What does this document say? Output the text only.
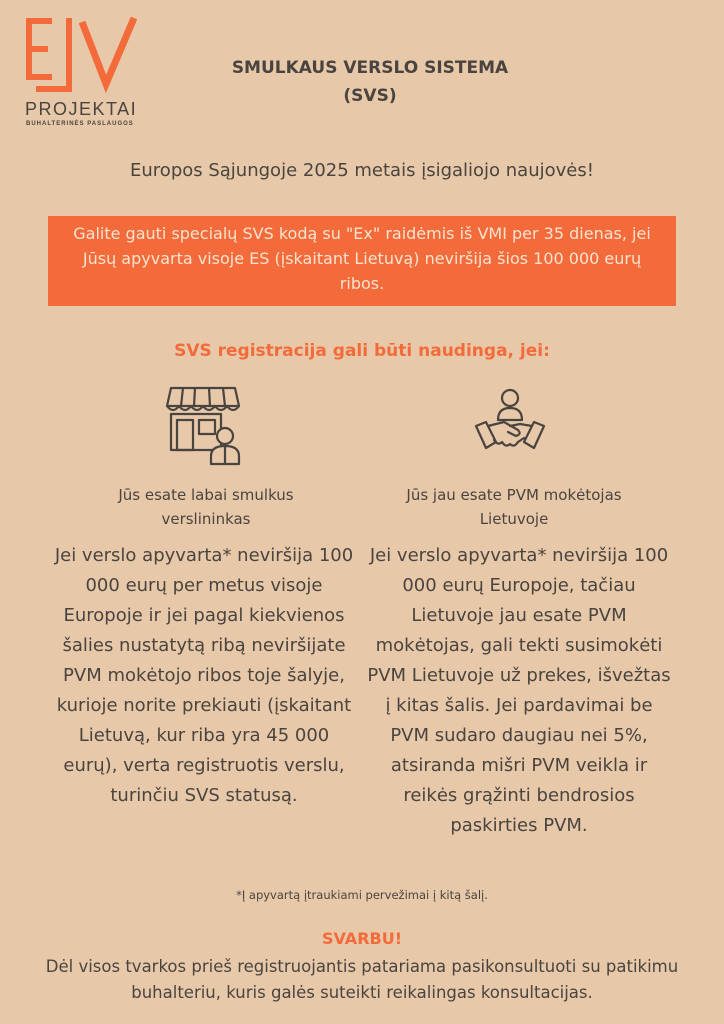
PROJEKTAI
BUHALTERINĖS PASLAUGOS
SMULKAUS VERSLO SISTEMA
(SVS)
Europos Sąjungoje 2025 metais įsigaliojo naujovės!
Galite gauti specialų SVS kodą su "Ex" raidėmis iš VMI per 35 dienas, jei Jūsų apyvarta visoje ES (įskaitant Lietuvą) neviršija šios 100 000 eurų ribos.
SVS registracija gali būti naudinga, jei:
Jūs esate labai smulkus verslininkas
Jūs jau esate PVM mokėtojas Lietuvoje
Jei verslo apyvarta* neviršija 100 000 eurų per metus visoje Europoje ir jei pagal kiekvienos šalies nustatytą ribą neviršijate PVM mokėtojo ribos toje šalyje, kurioje norite prekiauti (įskaitant Lietuvą, kur riba yra 45 000 eurų), verta registruotis verslu, turinčiu SVS statusą.
Jei verslo apyvarta* neviršija 100 000 eurų Europoje, tačiau Lietuvoje jau esate PVM mokėtojas, gali tekti susimokėti PVM Lietuvoje už prekes, išvežtas į kitas šalis. Jei pardavimai be PVM sudaro daugiau nei 5%, atsiranda mišri PVM veikla ir reikės grąžinti bendrosios paskirties PVM.
*Į apyvartą įtraukiami pervežimai į kitą šalį.
SVARBU!
Dėl visos tvarkos prieš registruojantis patariama pasikonsultuoti su patikimu buhalteriu, kuris galės suteikti reikalingas konsultacijas.
